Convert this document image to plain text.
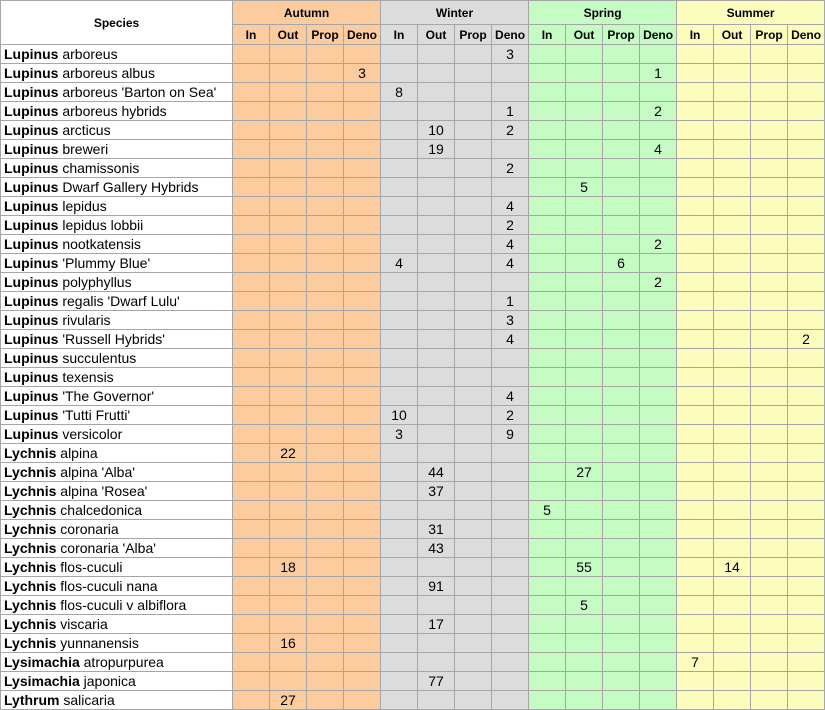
Species	Autumn				Winter				Spring				Summer			
	In	Out	Prop	Deno	In	Out	Prop	Deno	In	Out	Prop	Deno	In	Out	Prop	Deno
Lupinus arboreus								3								
Lupinus arboreus albus				3								1				
Lupinus arboreus 'Barton on Sea'					8											
Lupinus arboreus hybrids								1				2				
Lupinus arcticus						10		2								
Lupinus breweri						19						4				
Lupinus chamissonis								2								
Lupinus Dwarf Gallery Hybrids										5						
Lupinus lepidus								4								
Lupinus lepidus lobbii								2								
Lupinus nootkatensis								4				2				
Lupinus 'Plummy Blue'					4			4			6					
Lupinus polyphyllus												2				
Lupinus regalis 'Dwarf Lulu'								1								
Lupinus rivularis								3								
Lupinus 'Russell Hybrids'								4								2
Lupinus succulentus																
Lupinus texensis																
Lupinus 'The Governor'								4								
Lupinus 'Tutti Frutti'					10			2								
Lupinus versicolor					3			9								
Lychnis alpina		22														
Lychnis alpina 'Alba'						44				27						
Lychnis alpina 'Rosea'						37										
Lychnis chalcedonica									5							
Lychnis coronaria						31										
Lychnis coronaria 'Alba'						43										
Lychnis flos-cuculi		18								55				14		
Lychnis flos-cuculi nana						91										
Lychnis flos-cuculi v albiflora										5						
Lychnis viscaria						17										
Lychnis yunnanensis		16														
Lysimachia atropurpurea													7			
Lysimachia japonica						77										
Lythrum salicaria		27														
